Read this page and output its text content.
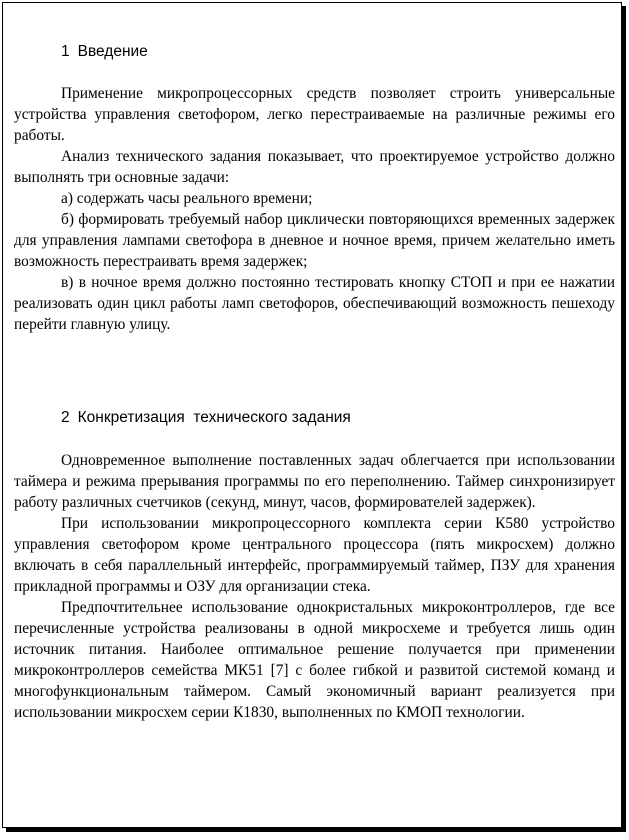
1 Введение

Применение микропроцессорных средств позволяет строить универсальные устройства управления светофором, легко перестраиваемые на различные режимы его работы.

Анализ технического задания показывает, что проектируемое устройство должно выполнять три основные задачи:

а) содержать часы реального времени;

б) формировать требуемый набор циклически повторяющихся временных задержек для управления лампами светофора в дневное и ночное время, причем желательно иметь возможность перестраивать время задержек;

в) в ночное время должно постоянно тестировать кнопку СТОП и при ее нажатии реализовать один цикл работы ламп светофоров, обеспечивающий возможность пешеходу перейти главную улицу.

2 Конкретизация  технического задания

Одновременное выполнение поставленных задач облегчается при использовании таймера и режима прерывания программы по его переполнению. Таймер синхронизирует работу различных счетчиков (секунд, минут, часов, формирователей задержек).

При использовании микропроцессорного комплекта серии К580 устройство управления светофором кроме центрального процессора (пять микросхем) должно включать в себя параллельный интерфейс, программируемый таймер, ПЗУ для хранения прикладной программы и ОЗУ для организации стека.

Предпочтительнее использование однокристальных микроконтроллеров, где все перечисленные устройства реализованы в одной микросхеме и требуется лишь один источник питания. Наиболее оптимальное решение получается при применении микроконтроллеров семейства МК51 [7] с более гибкой и развитой системой команд и многофункциональным таймером. Самый экономичный вариант реализуется при использовании микросхем серии К1830, выполненных по КМОП технологии.
